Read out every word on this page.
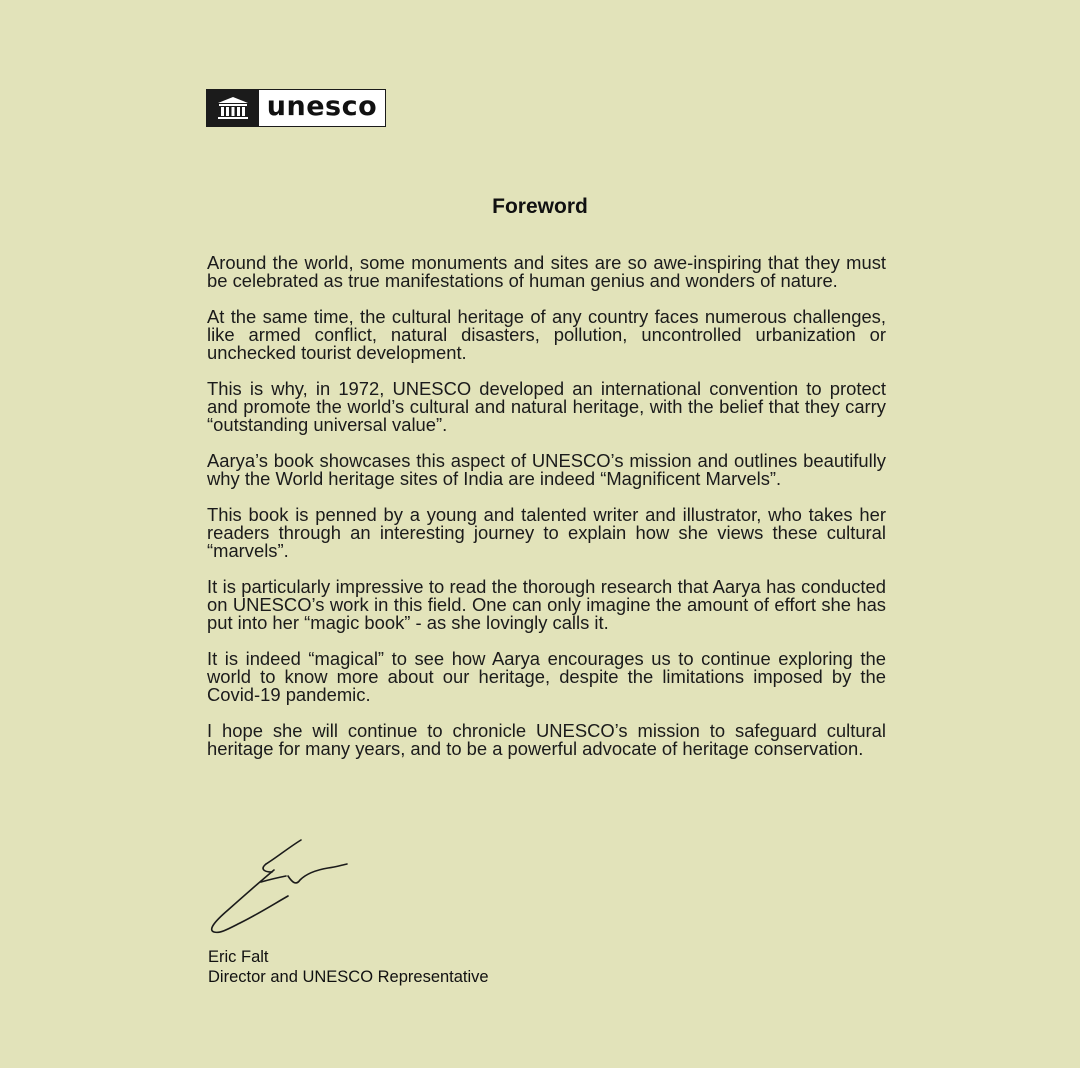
unesco
Foreword

Around the world, some monuments and sites are so awe-inspiring that they must be celebrated as true manifestations of human genius and wonders of nature.

At the same time, the cultural heritage of any country faces numerous challenges, like armed conflict, natural disasters, pollution, uncontrolled urbanization or unchecked tourist development.

This is why, in 1972, UNESCO developed an international convention to protect and promote the world’s cultural and natural heritage, with the belief that they carry “outstanding universal value”.

Aarya’s book showcases this aspect of UNESCO’s mission and outlines beautifully why the World heritage sites of India are indeed “Magnificent Marvels”.

This book is penned by a young and talented writer and illustrator, who takes her readers through an interesting journey to explain how she views these cultural “marvels”.

It is particularly impressive to read the thorough research that Aarya has conducted on UNESCO’s work in this field. One can only imagine the amount of effort she has put into her “magic book” - as she lovingly calls it.

It is indeed “magical” to see how Aarya encourages us to continue exploring the world to know more about our heritage, despite the limitations imposed by the Covid-19 pandemic.

I hope she will continue to chronicle UNESCO’s mission to safeguard cultural heritage for many years, and to be a powerful advocate of heritage conservation.

Eric Falt
Director and UNESCO Representative
